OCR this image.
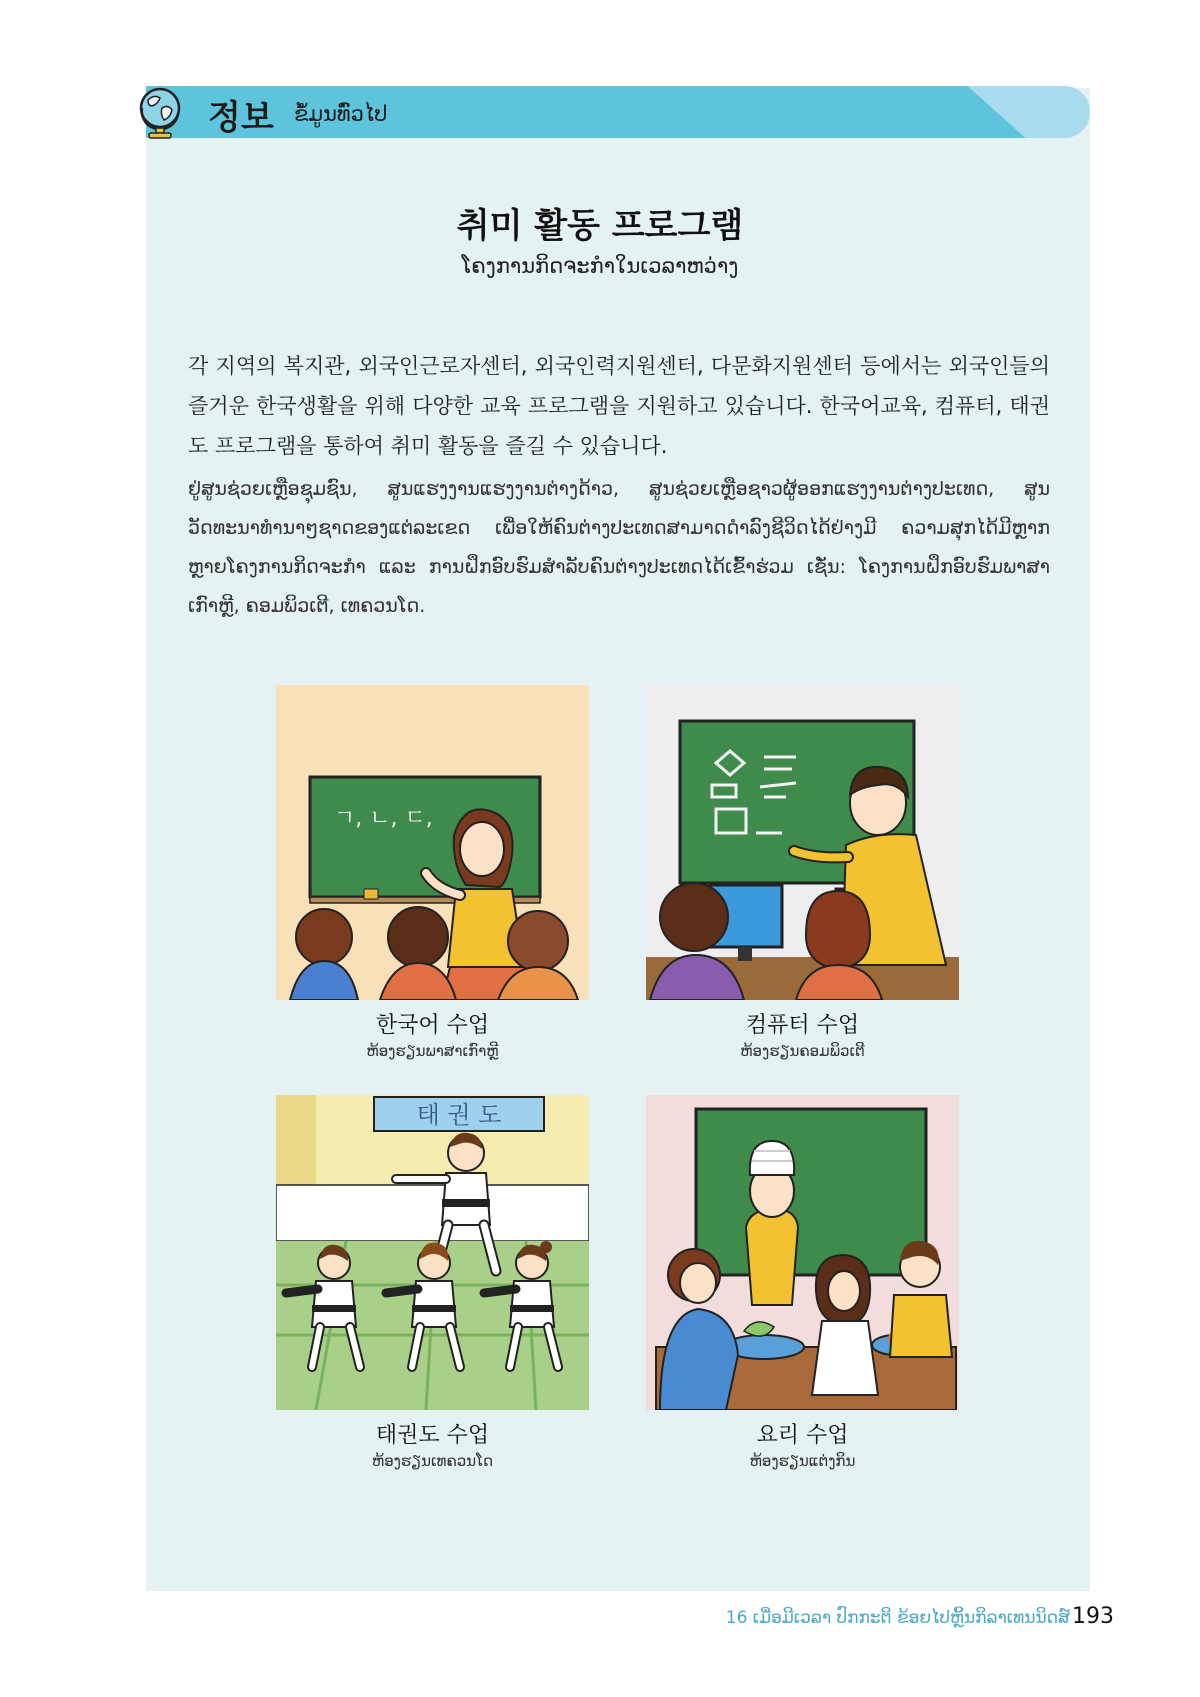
정보 ຂໍ້ມູນທົ່ວໄປ
취미 활동 프로그램
ໂຄງການກິດຈະກຳໃນເວລາຫວ່າງ
각 지역의 복지관, 외국인근로자센터, 외국인력지원센터, 다문화지원센터 등에서는 외국인들의 즐거운 한국생활을 위해 다양한 교육 프로그램을 지원하고 있습니다. 한국어교육, 컴퓨터, 태권도 프로그램을 통하여 취미 활동을 즐길 수 있습니다.
ຢູ່ສູນຊ່ວຍເຫຼືອຊຸມຊົນ, ສູນແຮງງານແຮງງານຕ່າງດ້າວ, ສູນຊ່ວຍເຫຼືອຊາວຜູ້ອອກແຮງງານຕ່າງປະເທດ, ສູນວັດທະນາທຳນາໆຊາດຂອງແຕ່ລະເຂດ ເພື່ອໃຫ້ຄົນຕ່າງປະເທດສາມາດດຳລົງຊີວິດໄດ້ຢ່າງມີ ຄວາມສຸກໄດ້ມີຫຼາກຫຼາຍໂຄງການກິດຈະກຳ ແລະ ການຝຶກອົບຮົມສຳລັບຄົນຕ່າງປະເທດໄດ້ເຂົ້າຮ່ວມ ເຊັ່ນ: ໂຄງການຝຶກອົບຮົມພາສາເກົາຫຼີ, ຄອມພິວເຕີ, ເທຄວນໂດ.
ㄱ, ㄴ, ㄷ,
한국어 수업
ຫ້ອງຮຽນພາສາເກົາຫຼີ
컴퓨터 수업
ຫ້ອງຮຽນຄອມພິວເຕີ
태 권 도
태권도 수업
ຫ້ອງຮຽນເທຄວນໂດ
요리 수업
ຫ້ອງຮຽນແຕ່ງກິນ
16 ເມື່ອມີເວລາ ປົກກະຕິ ຂ້ອຍໄປຫຼິ້ນກິລາເທນນິດສ໌ 193
